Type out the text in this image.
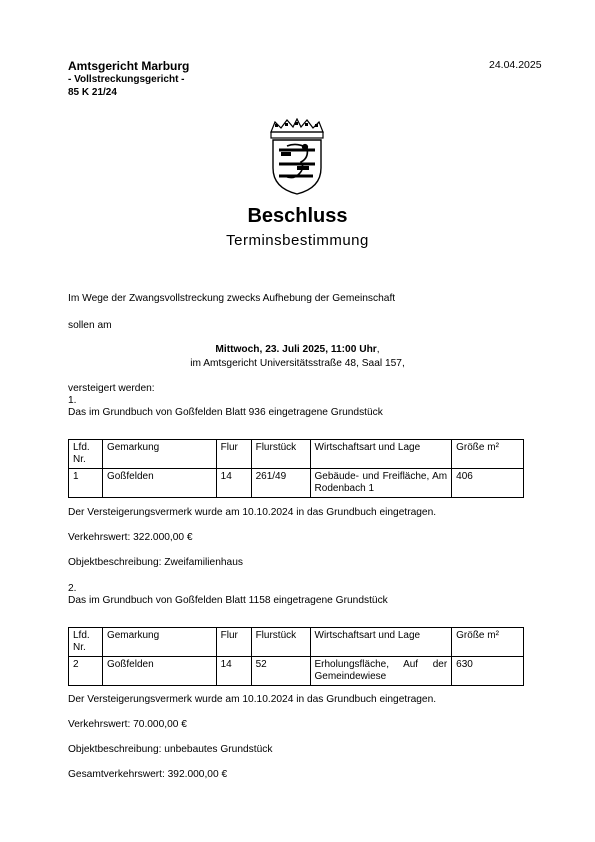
Amtsgericht Marburg
- Vollstreckungsgericht -
85 K 21/24
24.04.2025
Beschluss
Terminsbestimmung
Im Wege der Zwangsvollstreckung zwecks Aufhebung der Gemeinschaft
sollen am
Mittwoch, 23. Juli 2025, 11:00 Uhr,
im Amtsgericht Universitätsstraße 48, Saal 157,
versteigert werden:
1.
Das im Grundbuch von Goßfelden Blatt 936 eingetragene Grundstück
Lfd. Nr.	Gemarkung	Flur	Flurstück	Wirtschaftsart und Lage	Größe m²
1	Goßfelden	14	261/49	Gebäude- und Freifläche, Am Rodenbach 1	406
Der Versteigerungsvermerk wurde am 10.10.2024 in das Grundbuch eingetragen.
Verkehrswert: 322.000,00 €
Objektbeschreibung: Zweifamilienhaus
2.
Das im Grundbuch von Goßfelden Blatt 1158 eingetragene Grundstück
Lfd. Nr.	Gemarkung	Flur	Flurstück	Wirtschaftsart und Lage	Größe m²
2	Goßfelden	14	52	Erholungsfläche, Auf der Gemeindewiese	630
Der Versteigerungsvermerk wurde am 10.10.2024 in das Grundbuch eingetragen.
Verkehrswert: 70.000,00 €
Objektbeschreibung: unbebautes Grundstück
Gesamtverkehrswert: 392.000,00 €
